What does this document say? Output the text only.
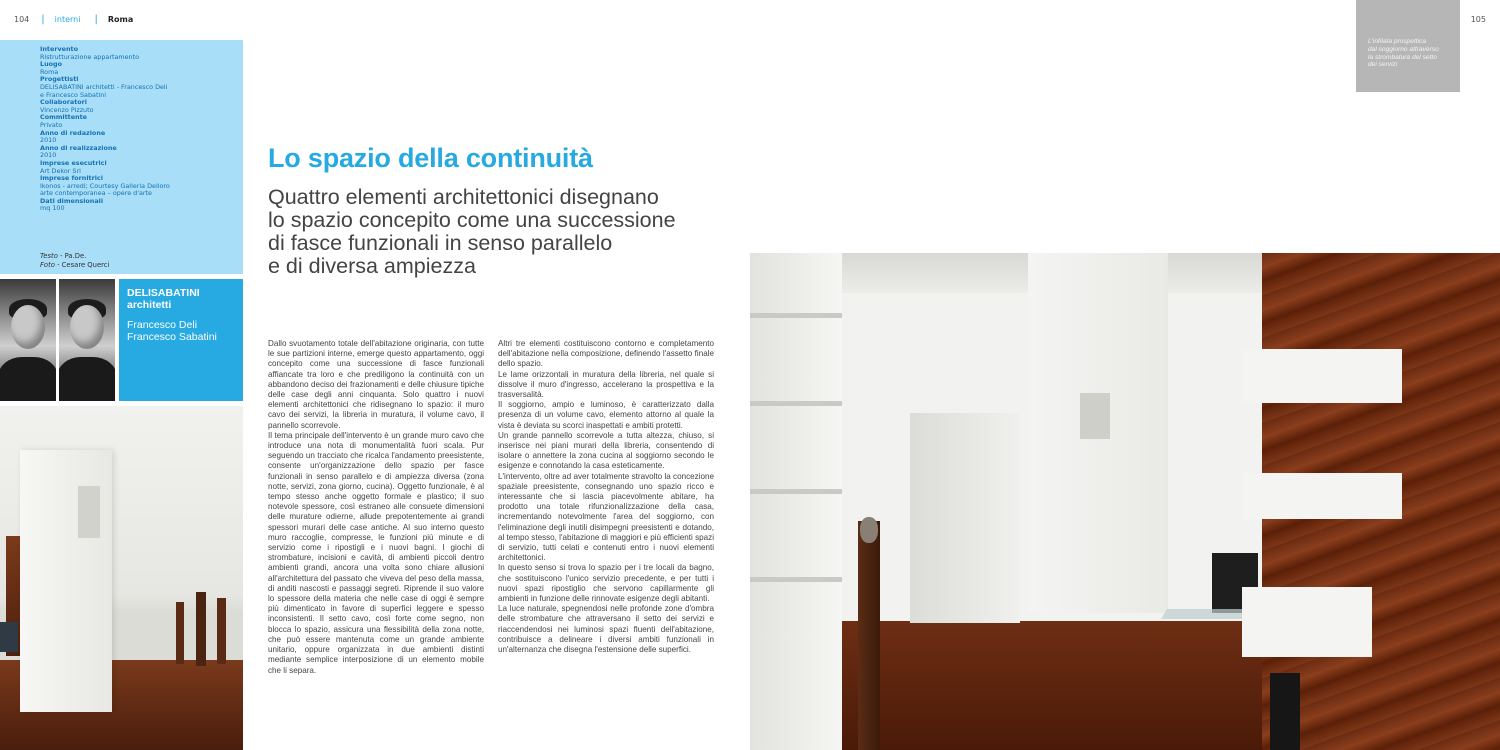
104 | interni | Roma	105
Intervento
Ristrutturazione appartamento
Luogo
Roma
Progettisti
DELISABATINI architetti - Francesco Deli
e Francesco Sabatini
Collaboratori
Vincenzo Pizzuto
Committente
Privato
Anno di redazione
2010
Anno di realizzazione
2010
Imprese esecutrici
Art Dekor Srl
Imprese fornitrici
Ikonos - arredi; Courtesy Galleria Delloro
arte contemporanea – opere d'arte
Dati dimensionali
mq 100
Testo - Pa.De.
Foto - Cesare Querci
DELISABATINI
architetti
Francesco Deli
Francesco Sabatini
Lo spazio della continuità
Quattro elementi architettonici disegnano
lo spazio concepito come una successione
di fasce funzionali in senso parallelo
e di diversa ampiezza

Dallo svuotamento totale dell'abitazione originaria, con tutte le sue partizioni interne, emerge questo appartamento, oggi concepito come una successione di fasce funzionali affiancate tra loro e che prediligono la continuità con un abbandono deciso dei frazionamenti e delle chiusure tipiche delle case degli anni cinquanta. Solo quattro i nuovi elementi architettonici che ridisegnano lo spazio: il muro cavo dei servizi, la libreria in muratura, il volume cavo, il pannello scorrevole.

Il tema principale dell'intervento è un grande muro cavo che introduce una nota di monumentalità fuori scala. Pur seguendo un tracciato che ricalca l'andamento preesistente, consente un'organizzazione dello spazio per fasce funzionali in senso parallelo e di ampiezza diversa (zona notte, servizi, zona giorno, cucina). Oggetto funzionale, è al tempo stesso anche oggetto formale e plastico; il suo notevole spessore, così estraneo alle consuete dimensioni delle murature odierne, allude prepotentemente ai grandi spessori murari delle case antiche. Al suo interno questo muro raccoglie, compresse, le funzioni più minute e di servizio come i ripostigli e i nuovi bagni. I giochi di strombature, incisioni e cavità, di ambienti piccoli dentro ambienti grandi, ancora una volta sono chiare allusioni all'architettura del passato che viveva del peso della massa, di anditi nascosti e passaggi segreti. Riprende il suo valore lo spessore della materia che nelle case di oggi è sempre più dimenticato in favore di superfici leggere e spesso inconsistenti. Il setto cavo, così forte come segno, non blocca lo spazio, assicura una flessibilità della zona notte, che può essere mantenuta come un grande ambiente unitario, oppure organizzata in due ambienti distinti mediante semplice interposizione di un elemento mobile che li separa.

Altri tre elementi costituiscono contorno e completamento dell'abitazione nella composizione, definendo l'assetto finale dello spazio.

Le lame orizzontali in muratura della libreria, nel quale si dissolve il muro d'ingresso, accelerano la prospettiva e la trasversalità.

Il soggiorno, ampio e luminoso, è caratterizzato dalla presenza di un volume cavo, elemento attorno al quale la vista è deviata su scorci inaspettati e ambiti protetti.

Un grande pannello scorrevole a tutta altezza, chiuso, si inserisce nei piani murari della libreria, consentendo di isolare o annettere la zona cucina al soggiorno secondo le esigenze e connotando la casa esteticamente.

L'intervento, oltre ad aver totalmente stravolto la concezione spaziale preesistente, consegnando uno spazio ricco e interessante che si lascia piacevolmente abitare, ha prodotto una totale rifunzionalizzazione della casa, incrementando notevolmente l'area del soggiorno, con l'eliminazione degli inutili disimpegni preesistenti e dotando, al tempo stesso, l'abitazione di maggiori e più efficienti spazi di servizio, tutti celati e contenuti entro i nuovi elementi architettonici.

In questo senso si trova lo spazio per i tre locali da bagno, che sostituiscono l'unico servizio precedente, e per tutti i nuovi spazi ripostiglio che servono capillarmente gli ambienti in funzione delle rinnovate esigenze degli abitanti.

La luce naturale, spegnendosi nelle profonde zone d'ombra delle strombature che attraversano il setto dei servizi e riaccendendosi nei luminosi spazi fluenti dell'abitazione, contribuisce a delineare i diversi ambiti funzionali in un'alternanza che disegna l'estensione delle superfici.

L'infilata prospettica

dal soggiorno attraverso

la strombatura del setto

dei servizi
